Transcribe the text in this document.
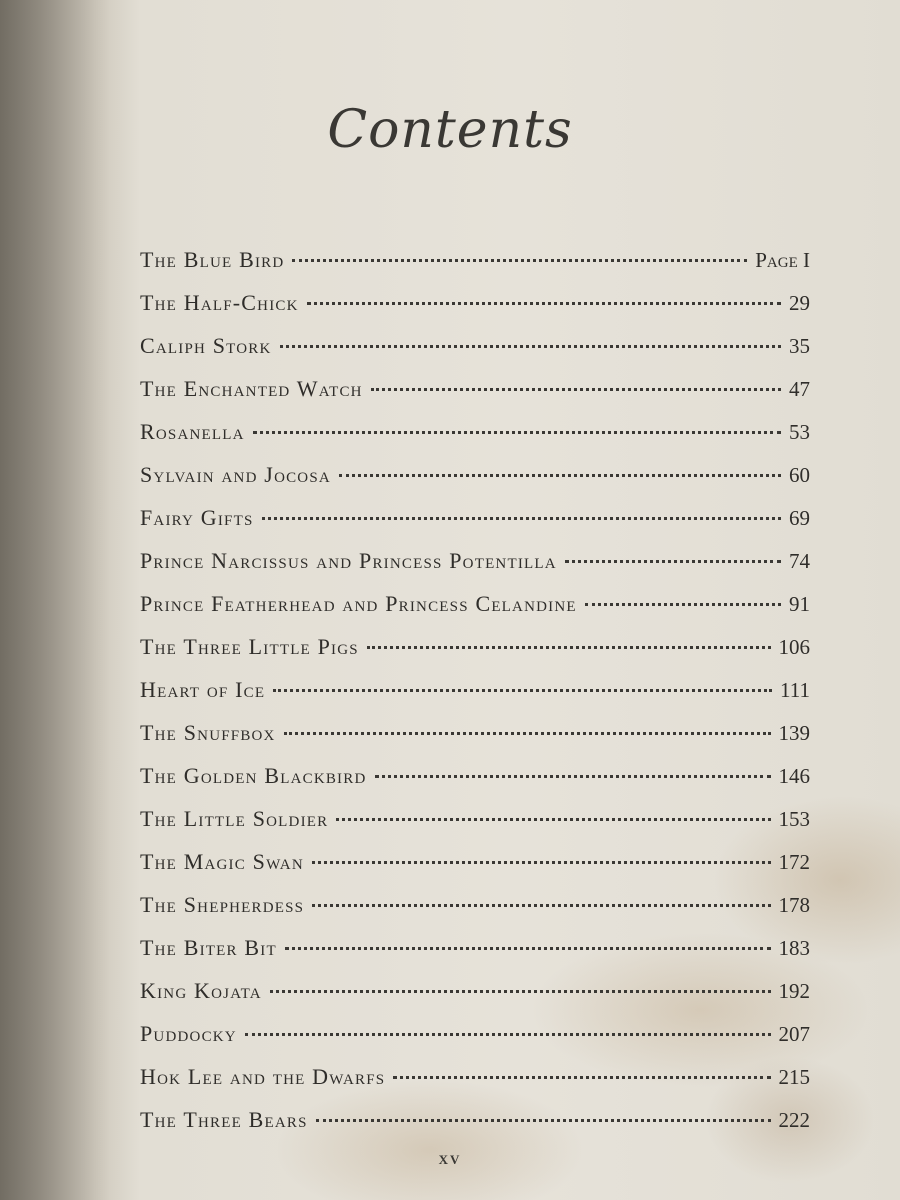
Contents
The Blue Bird	Page I
The Half-Chick	29
Caliph Stork	35
The Enchanted Watch	47
Rosanella	53
Sylvain and Jocosa	60
Fairy Gifts	69
Prince Narcissus and Princess Potentilla	74
Prince Featherhead and Princess Celandine	91
The Three Little Pigs	106
Heart of Ice	111
The Snuffbox	139
The Golden Blackbird	146
The Little Soldier	153
The Magic Swan	172
The Shepherdess	178
The Biter Bit	183
King Kojata	192
Puddocky	207
Hok Lee and the Dwarfs	215
The Three Bears	222
xv
